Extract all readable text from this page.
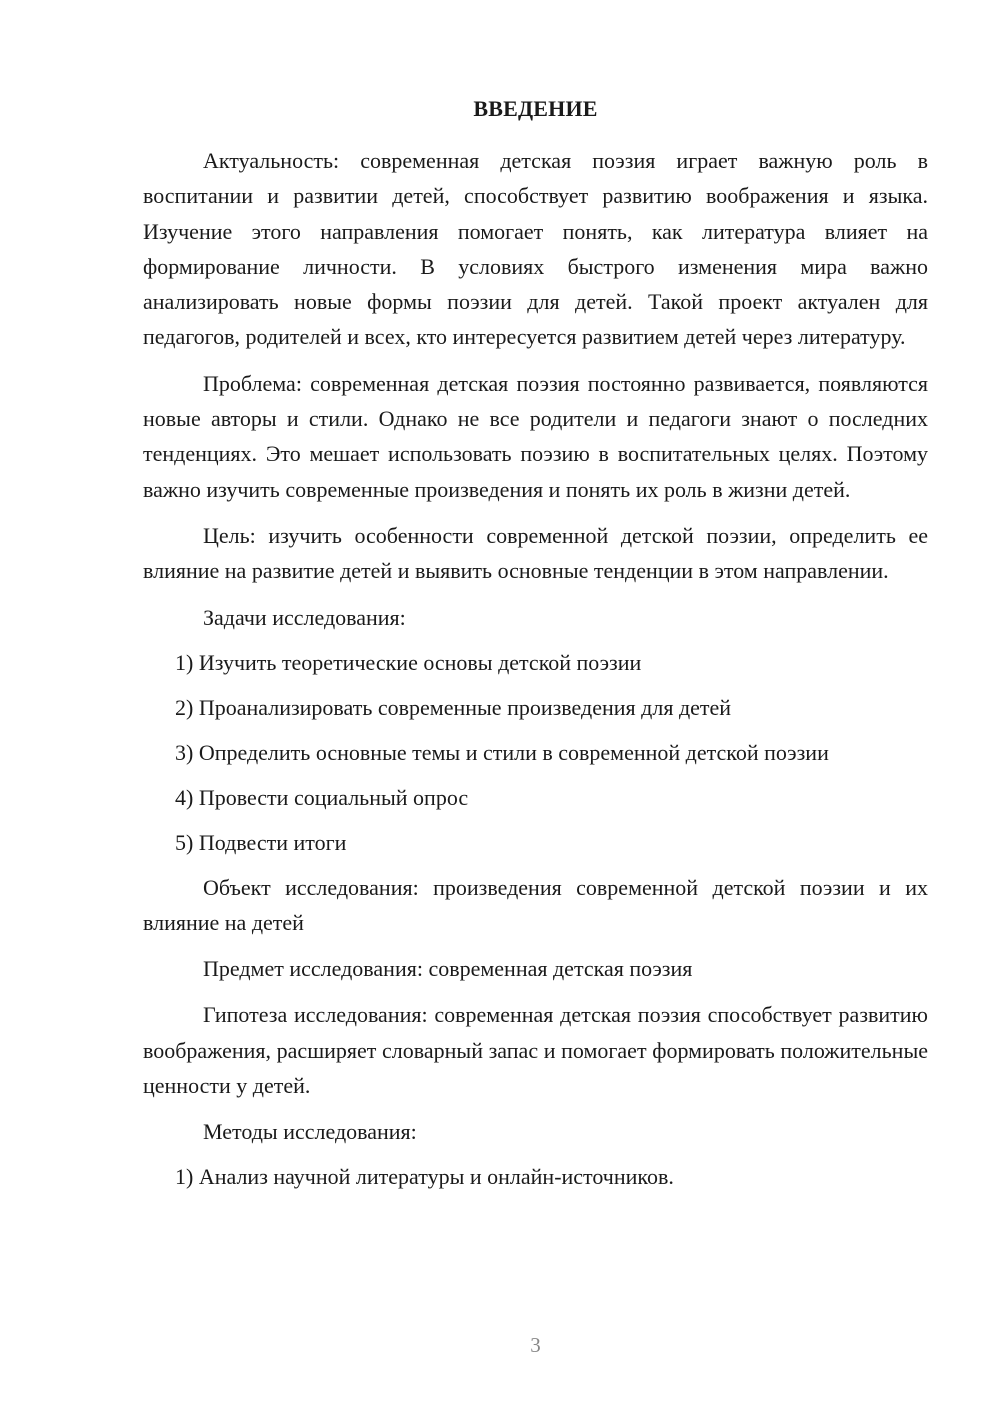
ВВЕДЕНИЕ

Актуальность: современная детская поэзия играет важную роль в воспитании и развитии детей, способствует развитию воображения и языка. Изучение этого направления помогает понять, как литература влияет на формирование личности. В условиях быстрого изменения мира важно анализировать новые формы поэзии для детей. Такой проект актуален для педагогов, родителей и всех, кто интересуется развитием детей через литературу.

Проблема: современная детская поэзия постоянно развивается, появляются новые авторы и стили. Однако не все родители и педагоги знают о последних тенденциях. Это мешает использовать поэзию в воспитательных целях. Поэтому важно изучить современные произведения и понять их роль в жизни детей.

Цель: изучить особенности современной детской поэзии, определить ее влияние на развитие детей и выявить основные тенденции в этом направлении.

Задачи исследования:

1) Изучить теоретические основы детской поэзии
2) Проанализировать современные произведения для детей
3) Определить основные темы и стили в современной детской поэзии
4) Провести социальный опрос
5) Подвести итоги

Объект исследования: произведения современной детской поэзии и их влияние на детей

Предмет исследования: современная детская поэзия

Гипотеза исследования: современная детская поэзия способствует развитию воображения, расширяет словарный запас и помогает формировать положительные ценности у детей.

Методы исследования:

1) Анализ научной литературы и онлайн-источников.
3
